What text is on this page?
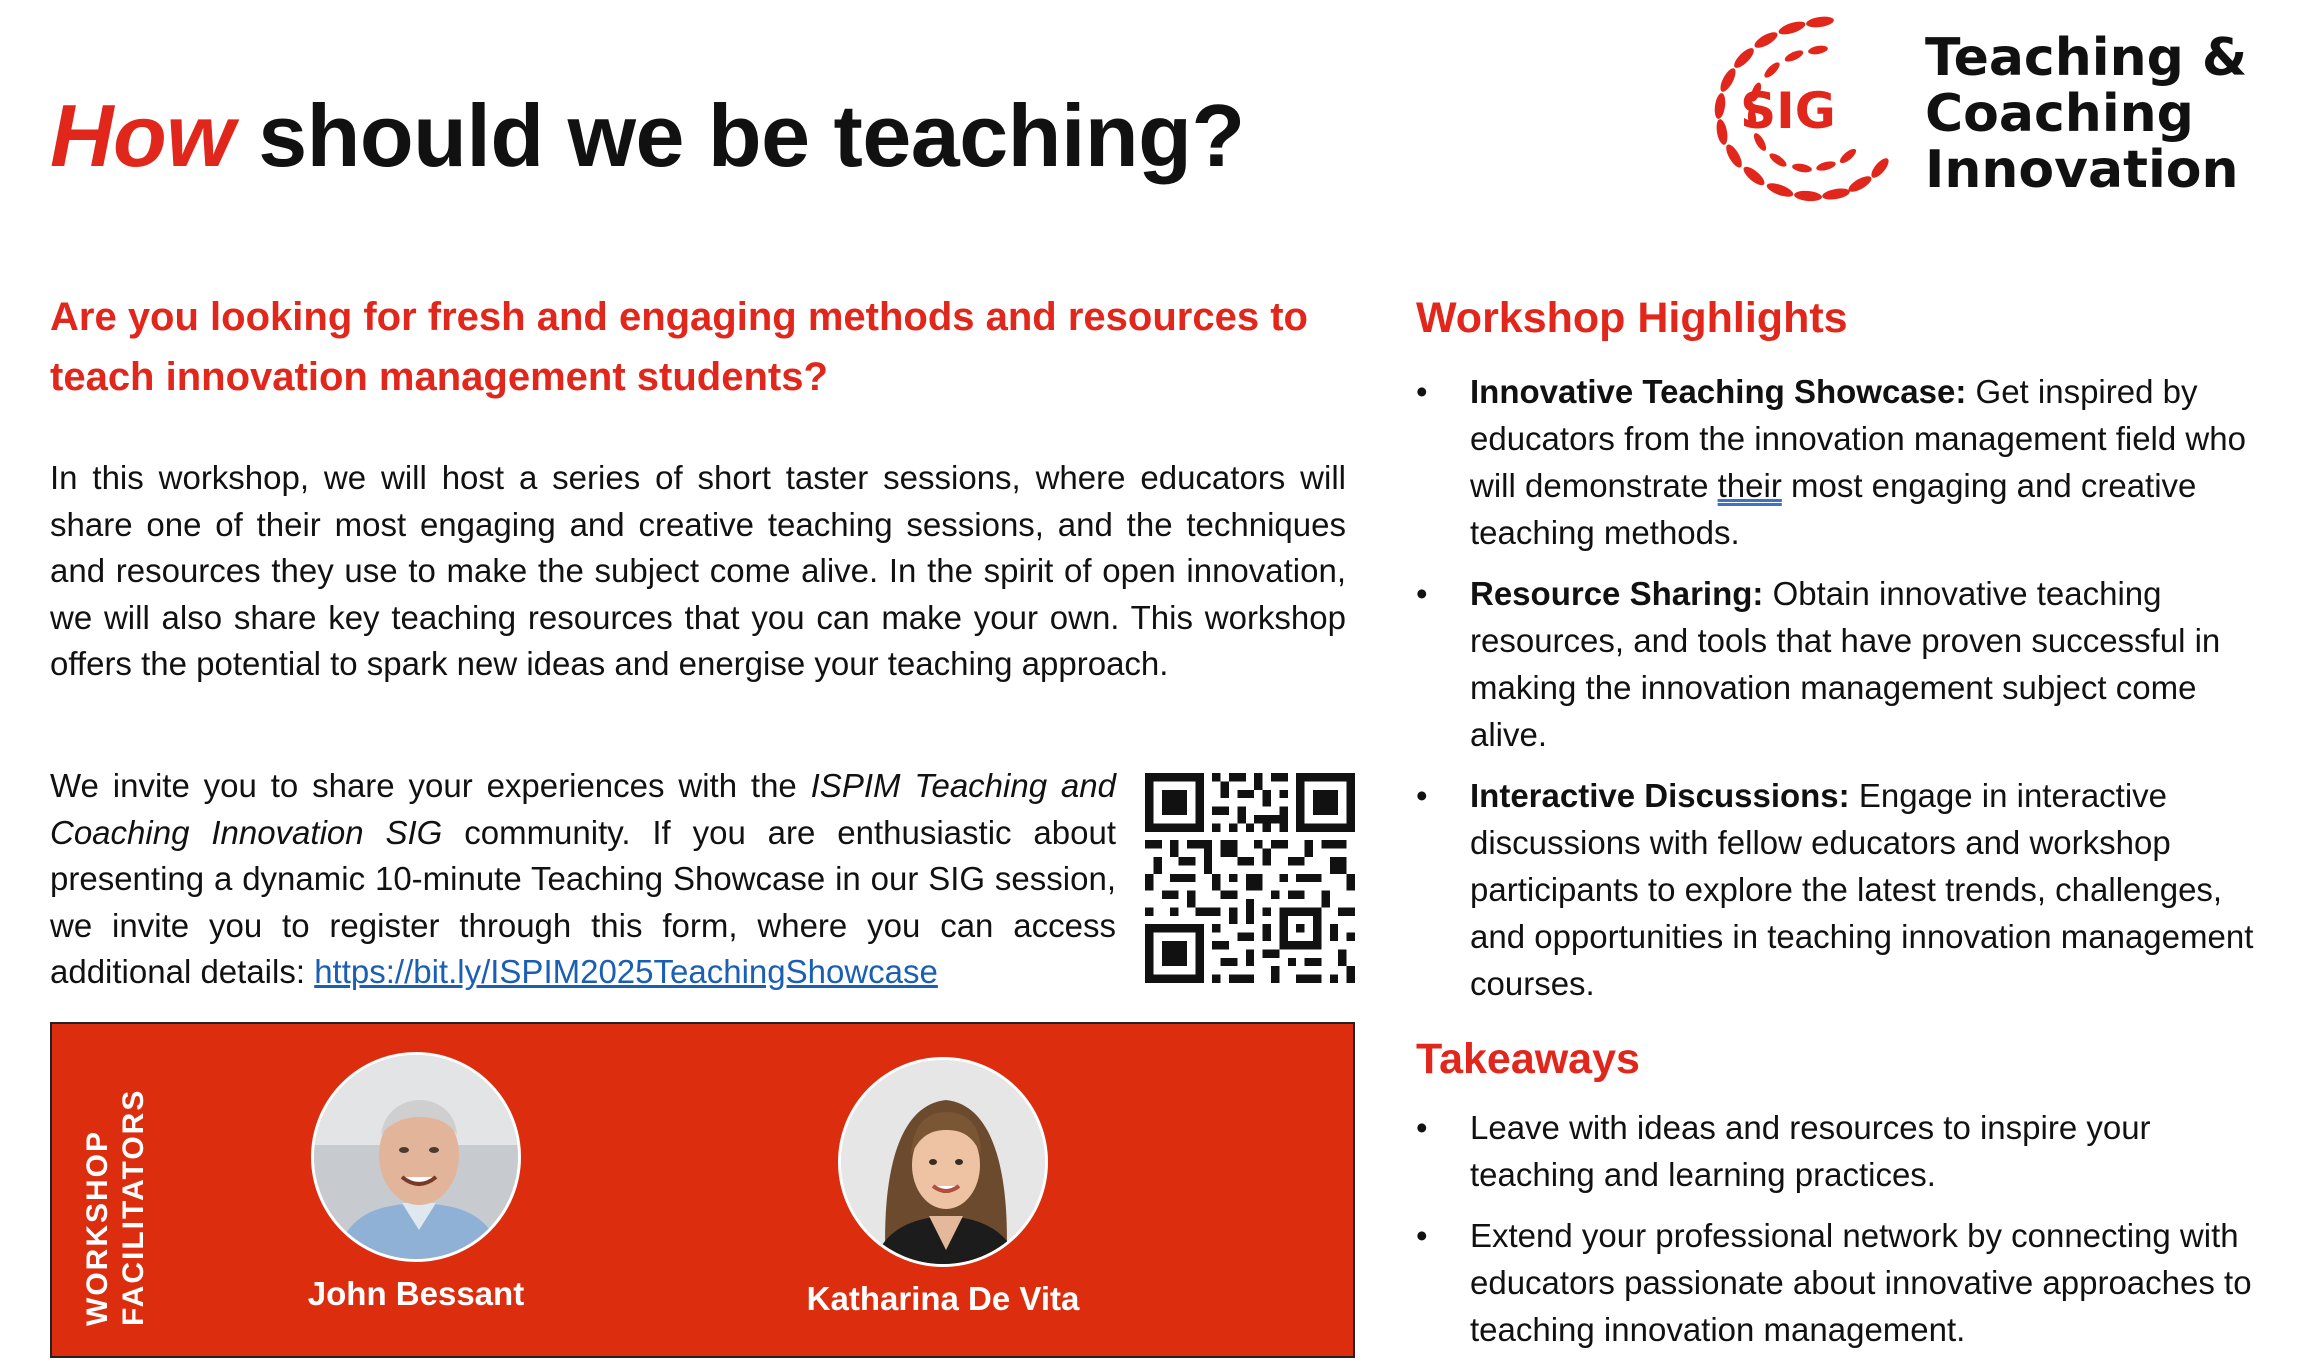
How should we be teaching?	SIG
Teaching &
Coaching
Innovation
Are you looking for fresh and engaging methods and resources to teach innovation management students?

In this workshop, we will host a series of short taster sessions, where educators will share one of their most engaging and creative teaching sessions, and the techniques and resources they use to make the subject come alive. In the spirit of open innovation, we will also share key teaching resources that you can make your own. This workshop offers the potential to spark new ideas and energise your teaching approach.

We invite you to share your experiences with the ISPIM Teaching and Coaching Innovation SIG community. If you are enthusiastic about presenting a dynamic 10-minute Teaching Showcase in our SIG session, we invite you to register through this form, where you can access additional details: https://bit.ly/ISPIM2025TeachingShowcase

WORKSHOP FACILITATORS	John Bessant	Katharina De Vita
Workshop Highlights
• Innovative Teaching Showcase: Get inspired by educators from the innovation management field who will demonstrate their most engaging and creative teaching methods.
• Resource Sharing: Obtain innovative teaching resources, and tools that have proven successful in making the innovation management subject come alive.
• Interactive Discussions: Engage in interactive discussions with fellow educators and workshop participants to explore the latest trends, challenges, and opportunities in teaching innovation management courses.
Takeaways
• Leave with ideas and resources to inspire your teaching and learning practices.
• Extend your professional network by connecting with educators passionate about innovative approaches to teaching innovation management.
